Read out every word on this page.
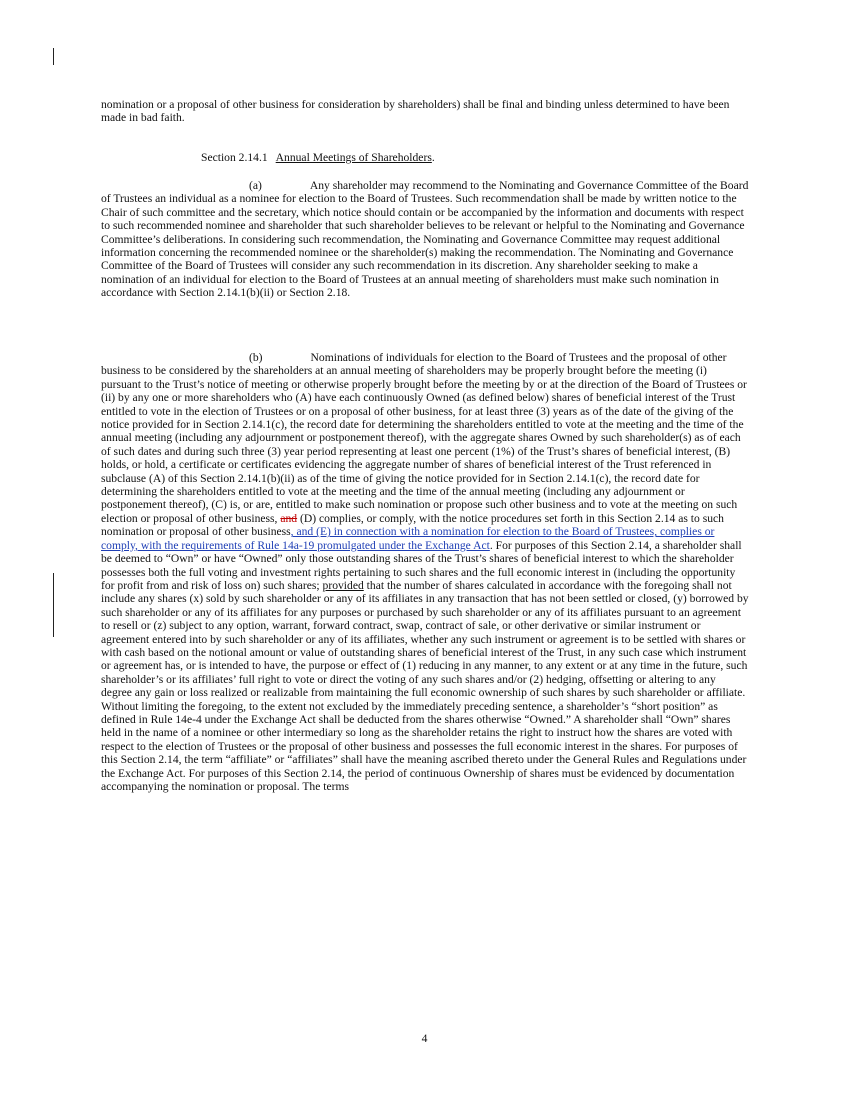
nomination or a proposal of other business for consideration by shareholders) shall be final and binding unless determined to have been made in bad faith.

Section 2.14.1 Annual Meetings of Shareholders.

(a)	Any shareholder may recommend to the Nominating and Governance Committee of the Board of Trustees an individual as a nominee for election to the Board of Trustees. Such recommendation shall be made by written notice to the Chair of such committee and the secretary, which notice should contain or be accompanied by the information and documents with respect to such recommended nominee and shareholder that such shareholder believes to be relevant or helpful to the Nominating and Governance Committee’s deliberations. In considering such recommendation, the Nominating and Governance Committee may request additional information concerning the recommended nominee or the shareholder(s) making the recommendation. The Nominating and Governance Committee of the Board of Trustees will consider any such recommendation in its discretion. Any shareholder seeking to make a nomination of an individual for election to the Board of Trustees at an annual meeting of shareholders must make such nomination in accordance with Section 2.14.1(b)(ii) or Section 2.18.

(b)	Nominations of individuals for election to the Board of Trustees and the proposal of other business to be considered by the shareholders at an annual meeting of shareholders may be properly brought before the meeting (i) pursuant to the Trust’s notice of meeting or otherwise properly brought before the meeting by or at the direction of the Board of Trustees or (ii) by any one or more shareholders who (A) have each continuously Owned (as defined below) shares of beneficial interest of the Trust entitled to vote in the election of Trustees or on a proposal of other business, for at least three (3) years as of the date of the giving of the notice provided for in Section 2.14.1(c), the record date for determining the shareholders entitled to vote at the meeting and the time of the annual meeting (including any adjournment or postponement thereof), with the aggregate shares Owned by such shareholder(s) as of each of such dates and during such three (3) year period representing at least one percent (1%) of the Trust’s shares of beneficial interest, (B) holds, or hold, a certificate or certificates evidencing the aggregate number of shares of beneficial interest of the Trust referenced in subclause (A) of this Section 2.14.1(b)(ii) as of the time of giving the notice provided for in Section 2.14.1(c), the record date for determining the shareholders entitled to vote at the meeting and the time of the annual meeting (including any adjournment or postponement thereof), (C) is, or are, entitled to make such nomination or propose such other business and to vote at the meeting on such election or proposal of other business, and (D) complies, or comply, with the notice procedures set forth in this Section 2.14 as to such nomination or proposal of other business, and (E) in connection with a nomination for election to the Board of Trustees, complies or comply, with the requirements of Rule 14a-19 promulgated under the Exchange Act. For purposes of this Section 2.14, a shareholder shall be deemed to “Own” or have “Owned” only those outstanding shares of the Trust’s shares of beneficial interest to which the shareholder possesses both the full voting and investment rights pertaining to such shares and the full economic interest in (including the opportunity for profit from and risk of loss on) such shares; provided that the number of shares calculated in accordance with the foregoing shall not include any shares (x) sold by such shareholder or any of its affiliates in any transaction that has not been settled or closed, (y) borrowed by such shareholder or any of its affiliates for any purposes or purchased by such shareholder or any of its affiliates pursuant to an agreement to resell or (z) subject to any option, warrant, forward contract, swap, contract of sale, or other derivative or similar instrument or agreement entered into by such shareholder or any of its affiliates, whether any such instrument or agreement is to be settled with shares or with cash based on the notional amount or value of outstanding shares of beneficial interest of the Trust, in any such case which instrument or agreement has, or is intended to have, the purpose or effect of (1) reducing in any manner, to any extent or at any time in the future, such shareholder’s or its affiliates’ full right to vote or direct the voting of any such shares and/or (2) hedging, offsetting or altering to any degree any gain or loss realized or realizable from maintaining the full economic ownership of such shares by such shareholder or affiliate. Without limiting the foregoing, to the extent not excluded by the immediately preceding sentence, a shareholder’s “short position” as defined in Rule 14e-4 under the Exchange Act shall be deducted from the shares otherwise “Owned.” A shareholder shall “Own” shares held in the name of a nominee or other intermediary so long as the shareholder retains the right to instruct how the shares are voted with respect to the election of Trustees or the proposal of other business and possesses the full economic interest in the shares. For purposes of this Section 2.14, the term “affiliate” or “affiliates” shall have the meaning ascribed thereto under the General Rules and Regulations under the Exchange Act. For purposes of this Section 2.14, the period of continuous Ownership of shares must be evidenced by documentation accompanying the nomination or proposal. The terms

4
